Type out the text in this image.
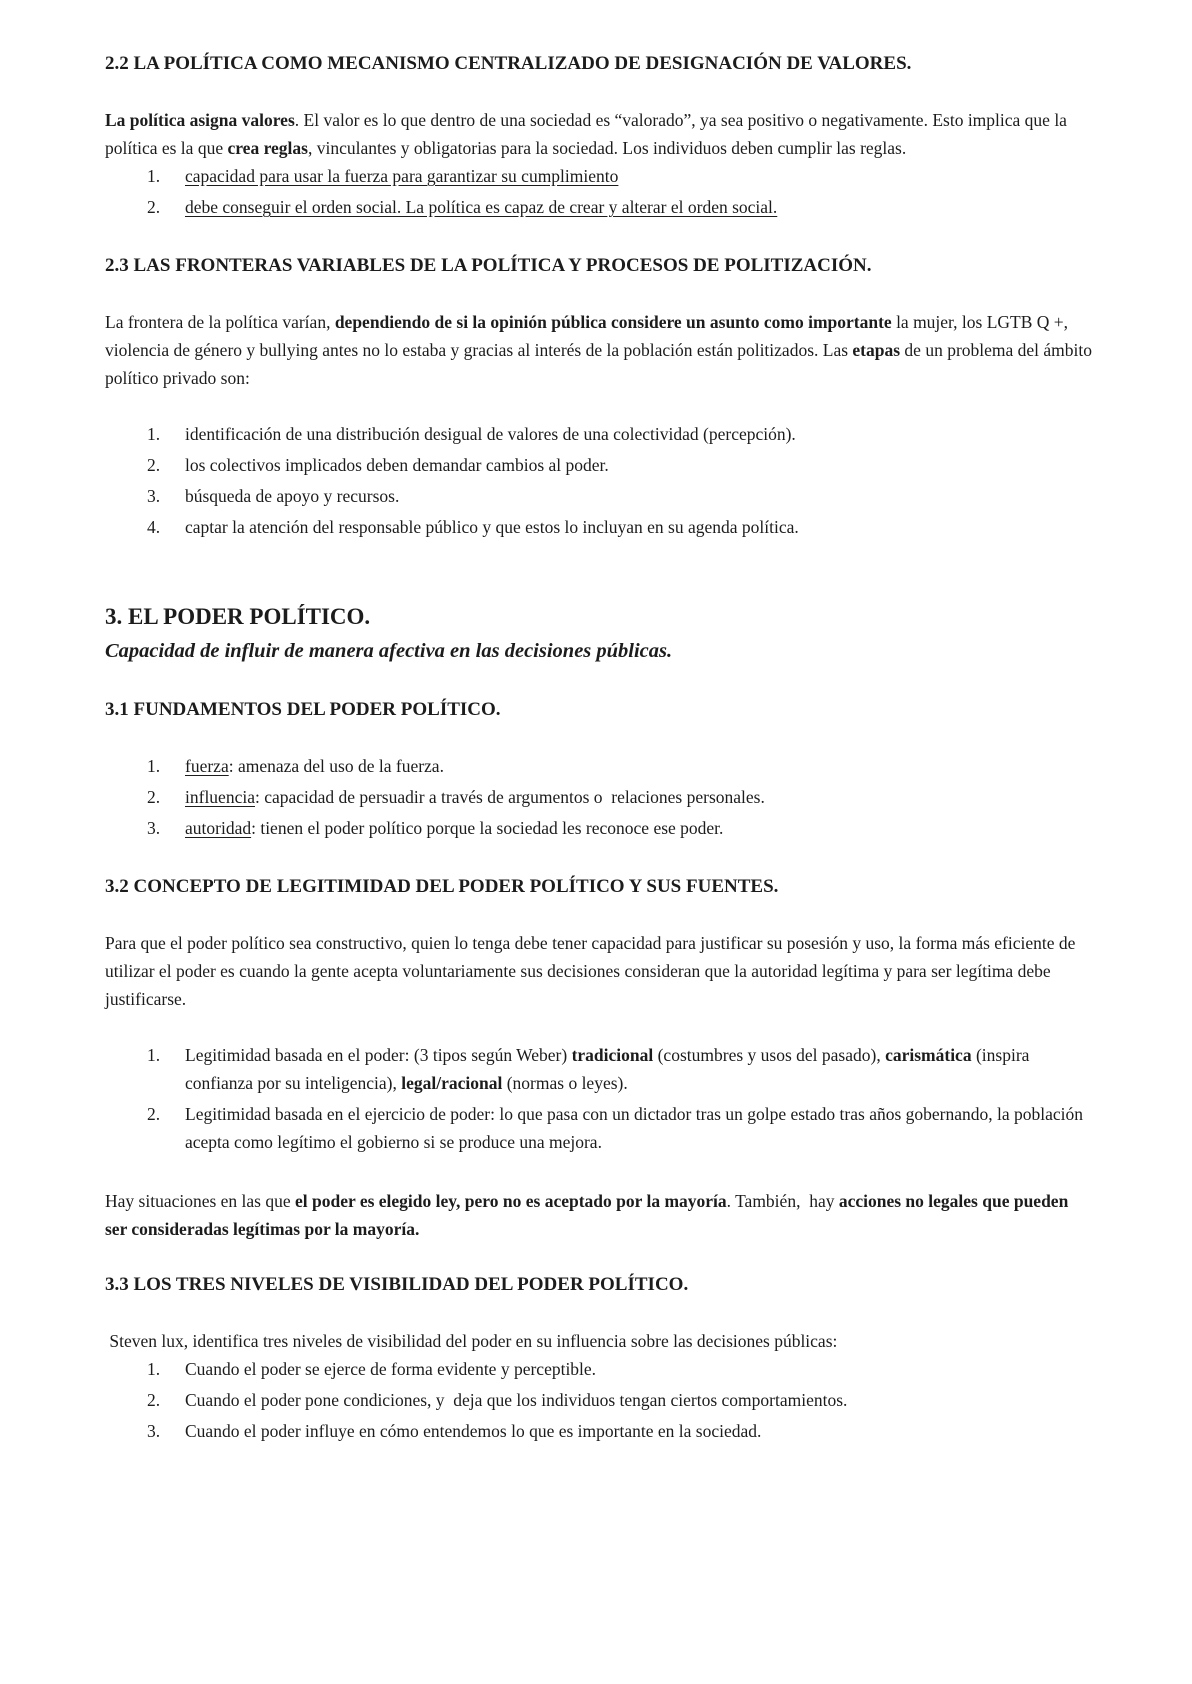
2.2 LA POLÍTICA COMO MECANISMO CENTRALIZADO DE DESIGNACIÓN DE VALORES.

La política asigna valores. El valor es lo que dentro de una sociedad es “valorado”, ya sea positivo o negativamente. Esto implica que la política es la que crea reglas, vinculantes y obligatorias para la sociedad. Los individuos deben cumplir las reglas.

capacidad para usar la fuerza para garantizar su cumplimiento
debe conseguir el orden social. La política es capaz de crear y alterar el orden social.
2.3 LAS FRONTERAS VARIABLES DE LA POLÍTICA Y PROCESOS DE POLITIZACIÓN.

La frontera de la política varían, dependiendo de si la opinión pública considere un asunto como importante la mujer, los LGTB Q +, violencia de género y bullying antes no lo estaba y gracias al interés de la población están politizados. Las etapas de un problema del ámbito político privado son:

identificación de una distribución desigual de valores de una colectividad (percepción).
los colectivos implicados deben demandar cambios al poder.
búsqueda de apoyo y recursos.
captar la atención del responsable público y que estos lo incluyan en su agenda política.
3. EL PODER POLÍTICO.

Capacidad de influir de manera afectiva en las decisiones públicas.

3.1 FUNDAMENTOS DEL PODER POLÍTICO.
fuerza: amenaza del uso de la fuerza.
influencia: capacidad de persuadir a través de argumentos o  relaciones personales.
autoridad: tienen el poder político porque la sociedad les reconoce ese poder.
3.2 CONCEPTO DE LEGITIMIDAD DEL PODER POLÍTICO Y SUS FUENTES.

Para que el poder político sea constructivo, quien lo tenga debe tener capacidad para justificar su posesión y uso, la forma más eficiente de utilizar el poder es cuando la gente acepta voluntariamente sus decisiones consideran que la autoridad legítima y para ser legítima debe justificarse.

Legitimidad basada en el poder: (3 tipos según Weber) tradicional (costumbres y usos del pasado), carismática (inspira confianza por su inteligencia), legal/racional (normas o leyes).
Legitimidad basada en el ejercicio de poder: lo que pasa con un dictador tras un golpe estado tras años gobernando, la población acepta como legítimo el gobierno si se produce una mejora.

Hay situaciones en las que el poder es elegido ley, pero no es aceptado por la mayoría. También,  hay acciones no legales que pueden ser consideradas legítimas por la mayoría.

3.3 LOS TRES NIVELES DE VISIBILIDAD DEL PODER POLÍTICO.

Steven lux, identifica tres niveles de visibilidad del poder en su influencia sobre las decisiones públicas:

Cuando el poder se ejerce de forma evidente y perceptible.
Cuando el poder pone condiciones, y  deja que los individuos tengan ciertos comportamientos.
Cuando el poder influye en cómo entendemos lo que es importante en la sociedad.
